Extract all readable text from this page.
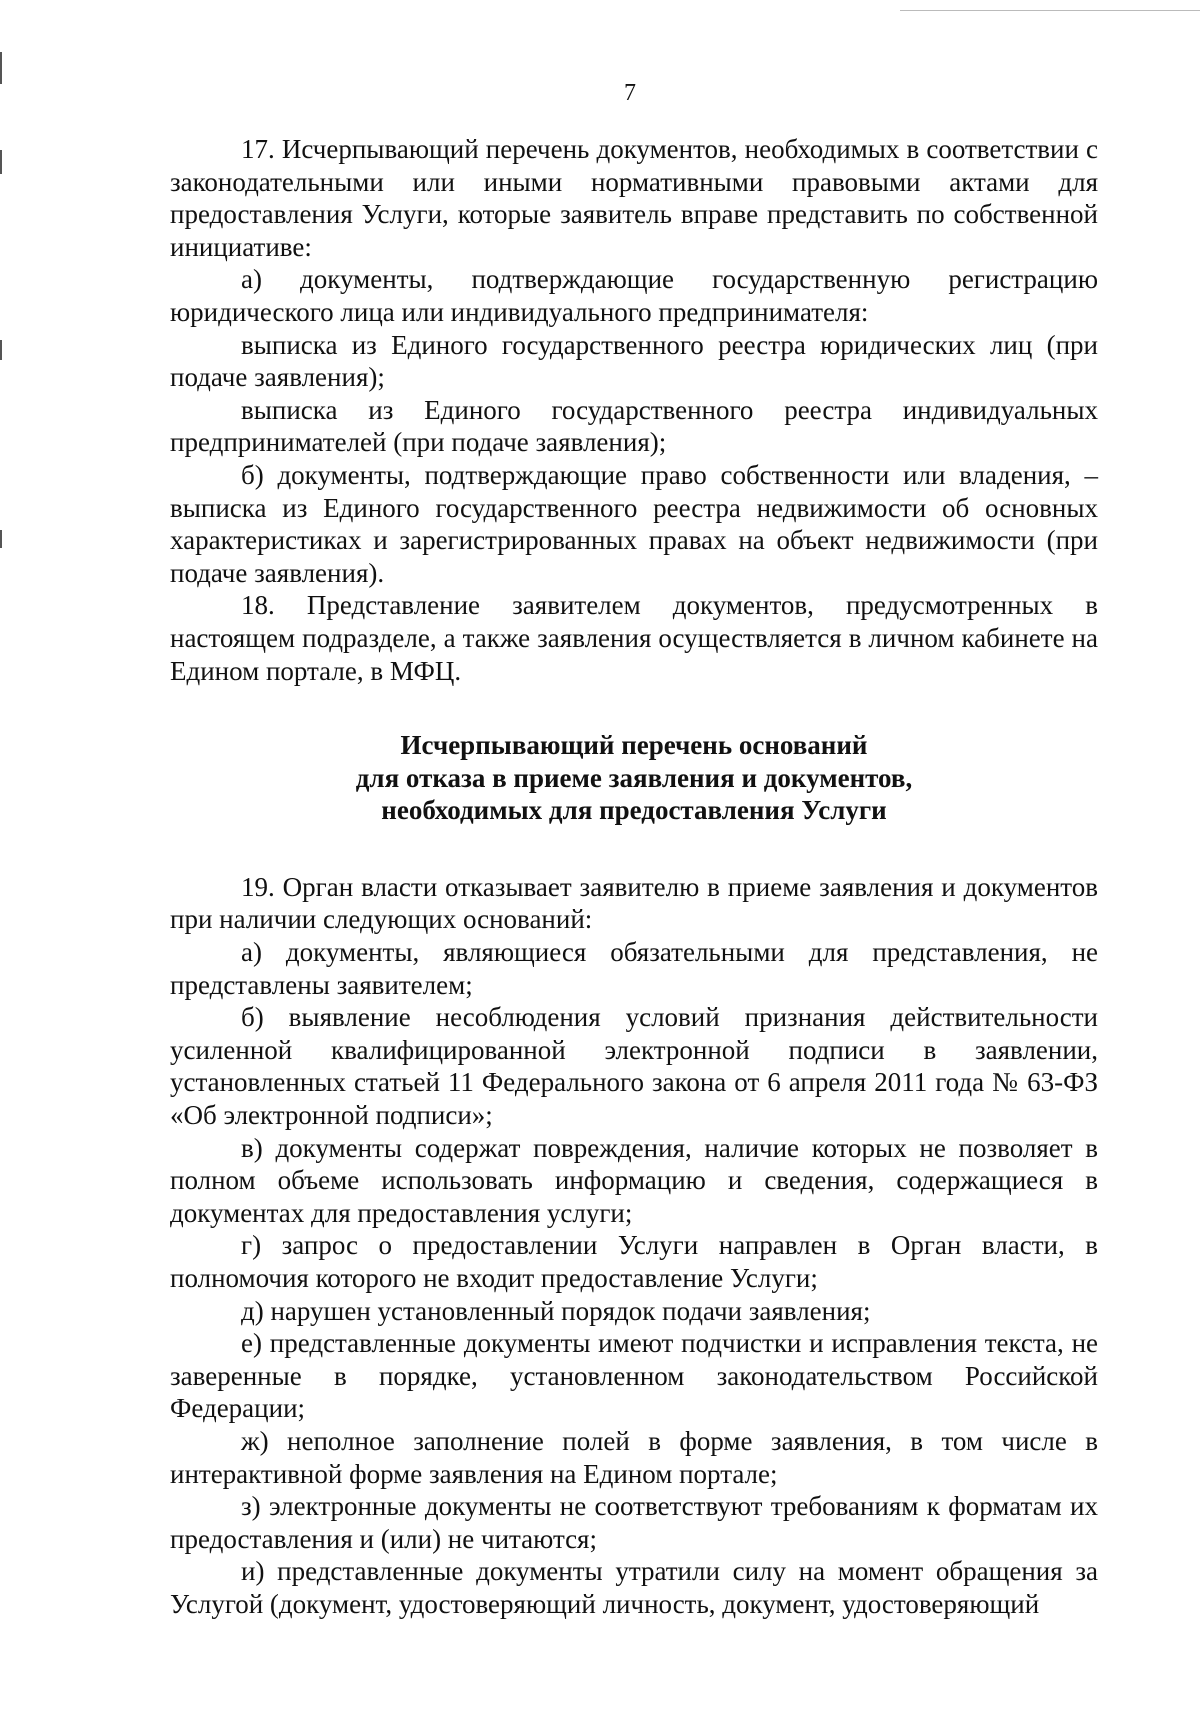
7

17. Исчерпывающий перечень документов, необходимых в соответствии с законодательными или иными нормативными правовыми актами для предоставления Услуги, которые заявитель вправе представить по собственной инициативе:

а) документы, подтверждающие государственную регистрацию юридического лица или индивидуального предпринимателя:

выписка из Единого государственного реестра юридических лиц (при подаче заявления);

выписка из Единого государственного реестра индивидуальных предпринимателей (при подаче заявления);

б) документы, подтверждающие право собственности или владения, – выписка из Единого государственного реестра недвижимости об основных характеристиках и зарегистрированных правах на объект недвижимости (при подаче заявления).

18. Представление заявителем документов, предусмотренных в настоящем подразделе, а также заявления осуществляется в личном кабинете на Едином портале, в МФЦ.

Исчерпывающий перечень оснований
для отказа в приеме заявления и документов,
необходимых для предоставления Услуги

19. Орган власти отказывает заявителю в приеме заявления и документов при наличии следующих оснований:

а) документы, являющиеся обязательными для представления, не представлены заявителем;

б) выявление несоблюдения условий признания действительности усиленной квалифицированной электронной подписи в заявлении, установленных статьей 11 Федерального закона от 6 апреля 2011 года № 63-ФЗ «Об электронной подписи»;

в) документы содержат повреждения, наличие которых не позволяет в полном объеме использовать информацию и сведения, содержащиеся в документах для предоставления услуги;

г) запрос о предоставлении Услуги направлен в Орган власти, в полномочия которого не входит предоставление Услуги;

д) нарушен установленный порядок подачи заявления;

е) представленные документы имеют подчистки и исправления текста, не заверенные в порядке, установленном законодательством Российской Федерации;

ж) неполное заполнение полей в форме заявления, в том числе в интерактивной форме заявления на Едином портале;

з) электронные документы не соответствуют требованиям к форматам их предоставления и (или) не читаются;

и) представленные документы утратили силу на момент обращения за Услугой (документ, удостоверяющий личность, документ, удостоверяющий
